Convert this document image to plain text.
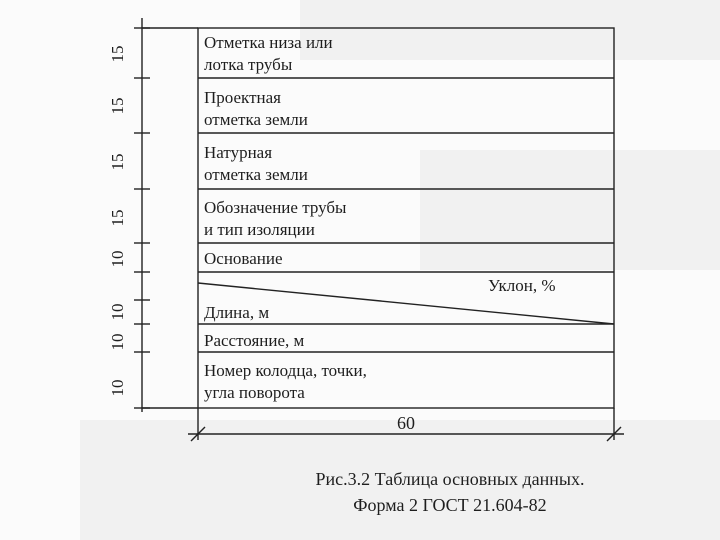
Отметка низа или
лотка трубы
Проектная
отметка земли
Натурная
отметка земли
Обозначение трубы
и тип изоляции
Основание
Длина, м
Расстояние, м
Номер колодца, точки,
угла поворота
Уклон, %
15
15
15
15
10
10
10
10
60
Рис.3.2 Таблица основных данных.
Форма 2 ГОСТ 21.604-82
